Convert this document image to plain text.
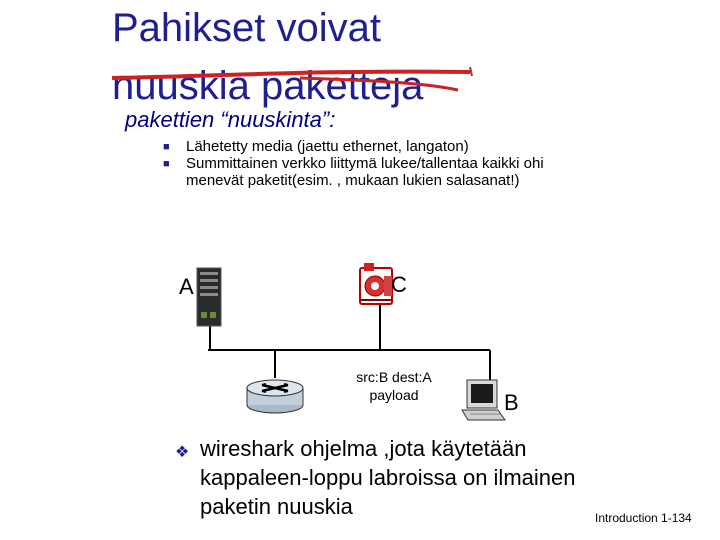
Pahikset voivat
nuuskia paketteja
pakettien “nuuskinta”:
■ Lähetetty media (jaettu ethernet, langaton)
■ Summittainen verkko liittymä lukee/tallentaa kaikki ohi menevät paketit(esim. , mukaan lukien salasanat!)
A	C
B
src:B dest:A
payload
❖ wireshark ohjelma ,jota käytetään kappaleen-loppu labroissa on ilmainen paketin nuuskia	Introduction 1-134
